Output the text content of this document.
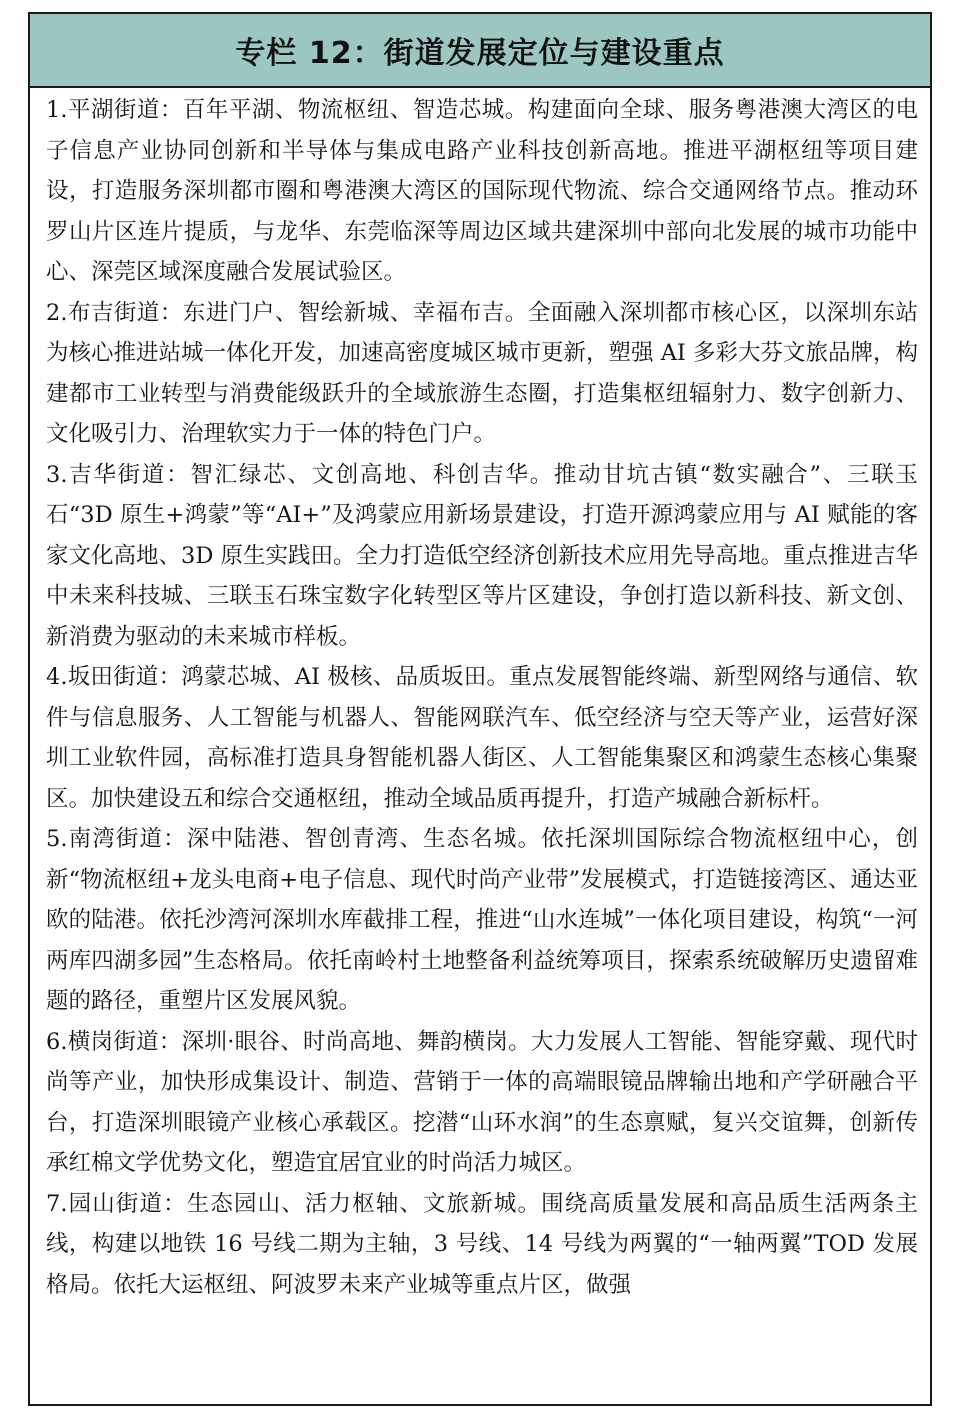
专栏 12：街道发展定位与建设重点

1.平湖街道：百年平湖、物流枢纽、智造芯城。构建面向全球、服务粤港澳大湾区的电子信息产业协同创新和半导体与集成电路产业科技创新高地。推进平湖枢纽等项目建设，打造服务深圳都市圈和粤港澳大湾区的国际现代物流、综合交通网络节点。推动环罗山片区连片提质，与龙华、东莞临深等周边区域共建深圳中部向北发展的城市功能中心、深莞区域深度融合发展试验区。

2.布吉街道：东进门户、智绘新城、幸福布吉。全面融入深圳都市核心区，以深圳东站为核心推进站城一体化开发，加速高密度城区城市更新，塑强 AI 多彩大芬文旅品牌，构建都市工业转型与消费能级跃升的全域旅游生态圈，打造集枢纽辐射力、数字创新力、文化吸引力、治理软实力于一体的特色门户。

3.吉华街道：智汇绿芯、文创高地、科创吉华。推动甘坑古镇“数实融合”、三联玉石“3D 原生+鸿蒙”等“AI+”及鸿蒙应用新场景建设，打造开源鸿蒙应用与 AI 赋能的客家文化高地、3D 原生实践田。全力打造低空经济创新技术应用先导高地。重点推进吉华中未来科技城、三联玉石珠宝数字化转型区等片区建设，争创打造以新科技、新文创、新消费为驱动的未来城市样板。

4.坂田街道：鸿蒙芯城、AI 极核、品质坂田。重点发展智能终端、新型网络与通信、软件与信息服务、人工智能与机器人、智能网联汽车、低空经济与空天等产业，运营好深圳工业软件园，高标准打造具身智能机器人街区、人工智能集聚区和鸿蒙生态核心集聚区。加快建设五和综合交通枢纽，推动全域品质再提升，打造产城融合新标杆。

5.南湾街道：深中陆港、智创青湾、生态名城。依托深圳国际综合物流枢纽中心，创新“物流枢纽+龙头电商+电子信息、现代时尚产业带”发展模式，打造链接湾区、通达亚欧的陆港。依托沙湾河深圳水库截排工程，推进“山水连城”一体化项目建设，构筑“一河两库四湖多园”生态格局。依托南岭村土地整备利益统筹项目，探索系统破解历史遗留难题的路径，重塑片区发展风貌。

6.横岗街道：深圳·眼谷、时尚高地、舞韵横岗。大力发展人工智能、智能穿戴、现代时尚等产业，加快形成集设计、制造、营销于一体的高端眼镜品牌输出地和产学研融合平台，打造深圳眼镜产业核心承载区。挖潜“山环水润”的生态禀赋，复兴交谊舞，创新传承红棉文学优势文化，塑造宜居宜业的时尚活力城区。

7.园山街道：生态园山、活力枢轴、文旅新城。围绕高质量发展和高品质生活两条主线，构建以地铁 16 号线二期为主轴，3 号线、14 号线为两翼的“一轴两翼”TOD 发展格局。依托大运枢纽、阿波罗未来产业城等重点片区，做强
